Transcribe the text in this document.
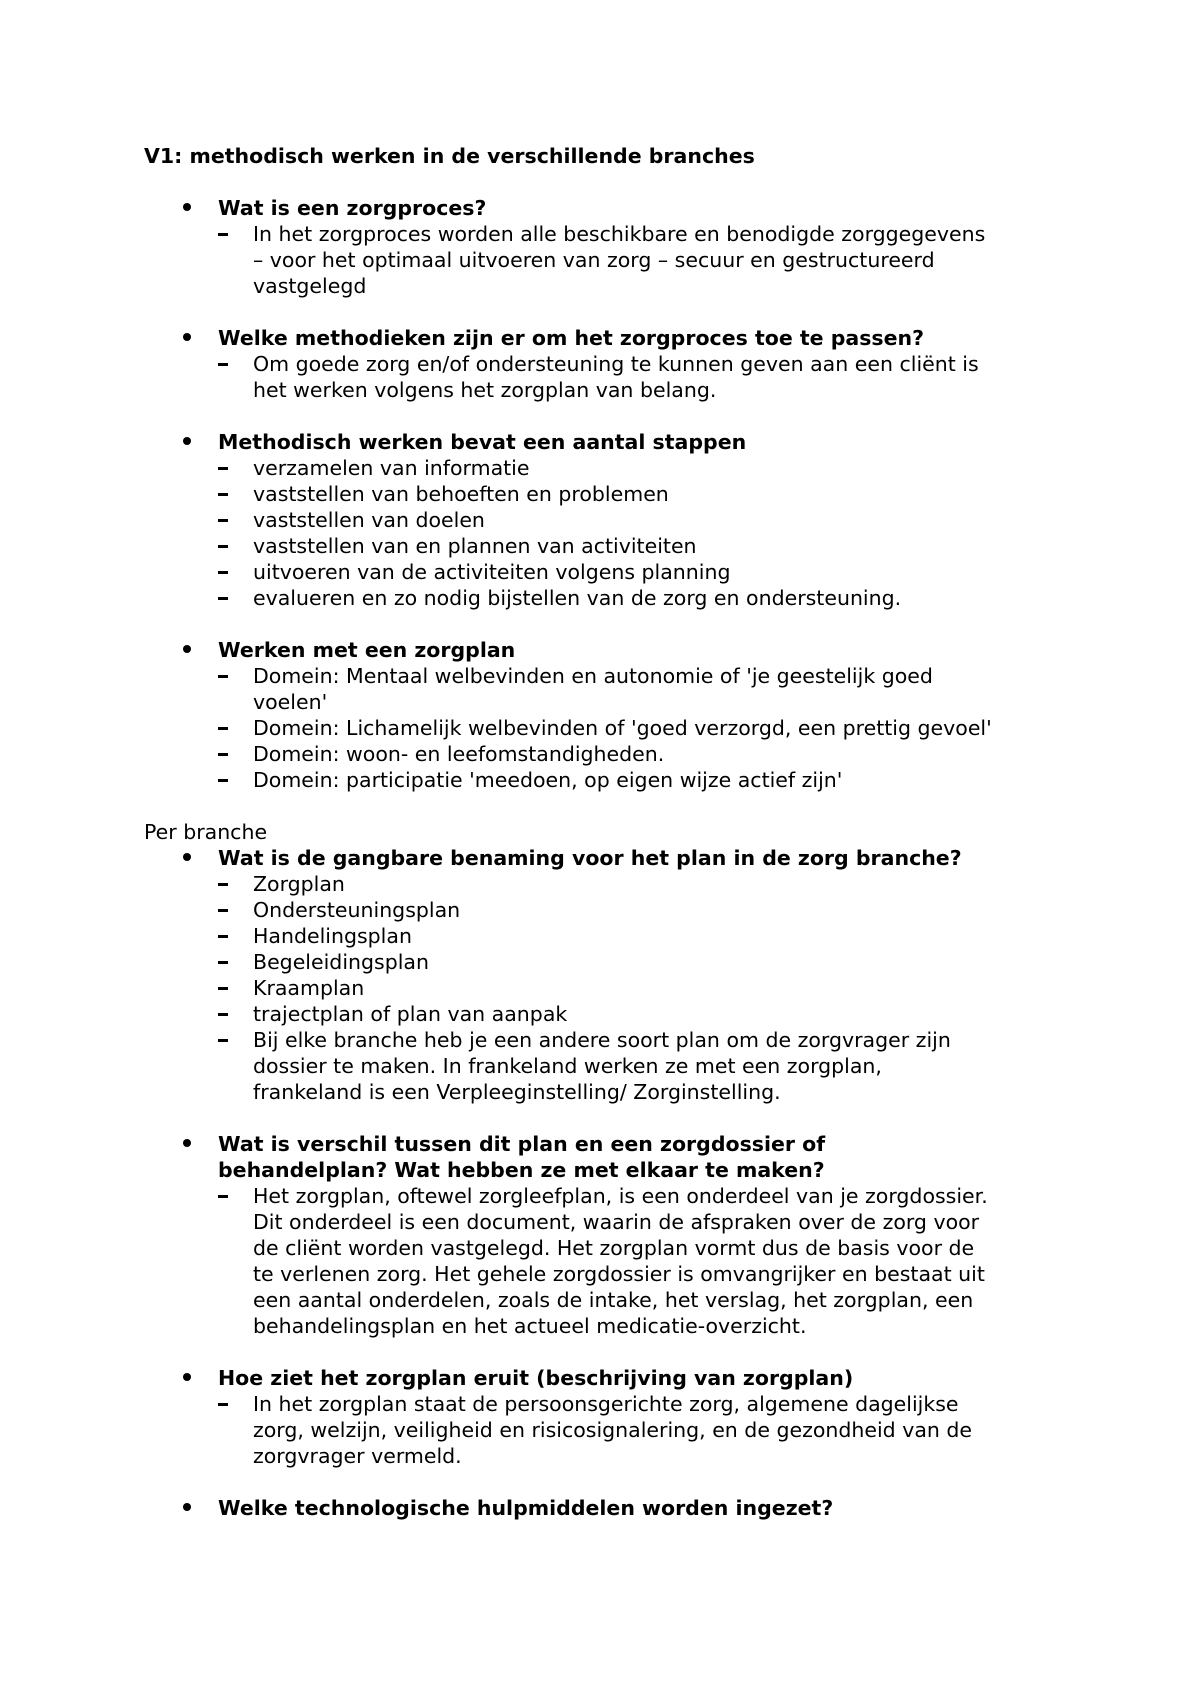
V1: methodisch werken in de verschillende branches
Wat is een zorgproces?
In het zorgproces worden alle beschikbare en benodigde zorggegevens
– voor het optimaal uitvoeren van zorg – secuur en gestructureerd
vastgelegd
Welke methodieken zijn er om het zorgproces toe te passen?
Om goede zorg en/of ondersteuning te kunnen geven aan een cliënt is
het werken volgens het zorgplan van belang.
Methodisch werken bevat een aantal stappen
verzamelen van informatie
vaststellen van behoeften en problemen
vaststellen van doelen
vaststellen van en plannen van activiteiten
uitvoeren van de activiteiten volgens planning
evalueren en zo nodig bijstellen van de zorg en ondersteuning.
Werken met een zorgplan
Domein: Mentaal welbevinden en autonomie of 'je geestelijk goed
voelen'
Domein: Lichamelijk welbevinden of 'goed verzorgd, een prettig gevoel'
Domein: woon- en leefomstandigheden.
Domein: participatie 'meedoen, op eigen wijze actief zijn'
Per branche
Wat is de gangbare benaming voor het plan in de zorg branche?
Zorgplan
Ondersteuningsplan
Handelingsplan
Begeleidingsplan
Kraamplan
trajectplan of plan van aanpak
Bij elke branche heb je een andere soort plan om de zorgvrager zijn
dossier te maken. In frankeland werken ze met een zorgplan,
frankeland is een Verpleeginstelling/ Zorginstelling.
Wat is verschil tussen dit plan en een zorgdossier of
behandelplan? Wat hebben ze met elkaar te maken?
Het zorgplan, oftewel zorgleefplan, is een onderdeel van je zorgdossier.
Dit onderdeel is een document, waarin de afspraken over de zorg voor
de cliënt worden vastgelegd. Het zorgplan vormt dus de basis voor de
te verlenen zorg. Het gehele zorgdossier is omvangrijker en bestaat uit
een aantal onderdelen, zoals de intake, het verslag, het zorgplan, een
behandelingsplan en het actueel medicatie-overzicht.
Hoe ziet het zorgplan eruit (beschrijving van zorgplan)
In het zorgplan staat de persoonsgerichte zorg, algemene dagelijkse
zorg, welzijn, veiligheid en risicosignalering, en de gezondheid van de
zorgvrager vermeld.
Welke technologische hulpmiddelen worden ingezet?
